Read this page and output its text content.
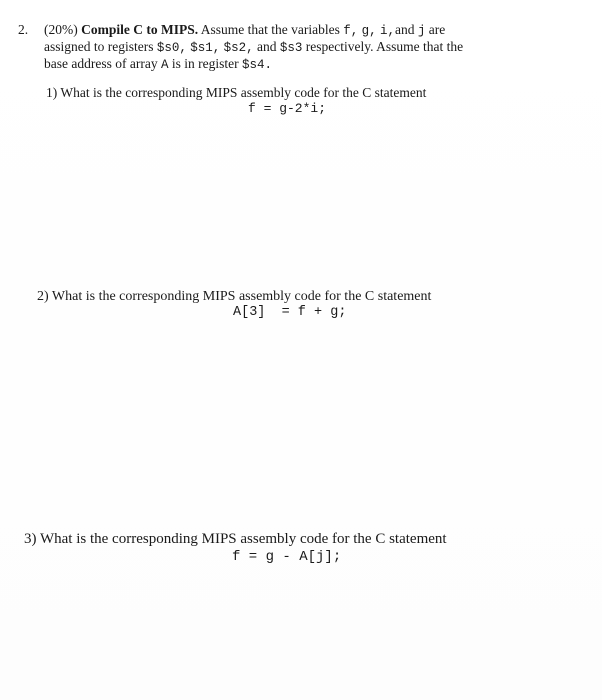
2. (20%) Compile C to MIPS. Assume that the variables f, g, i,and j are
assigned to registers $s0, $s1, $s2, and $s3 respectively. Assume that the
base address of array A is in register $s4.
1) What is the corresponding MIPS assembly code for the C statement
f = g-2*i;
2) What is the corresponding MIPS assembly code for the C statement
A[3]  = f + g;
3) What is the corresponding MIPS assembly code for the C statement
f = g - A[j];
